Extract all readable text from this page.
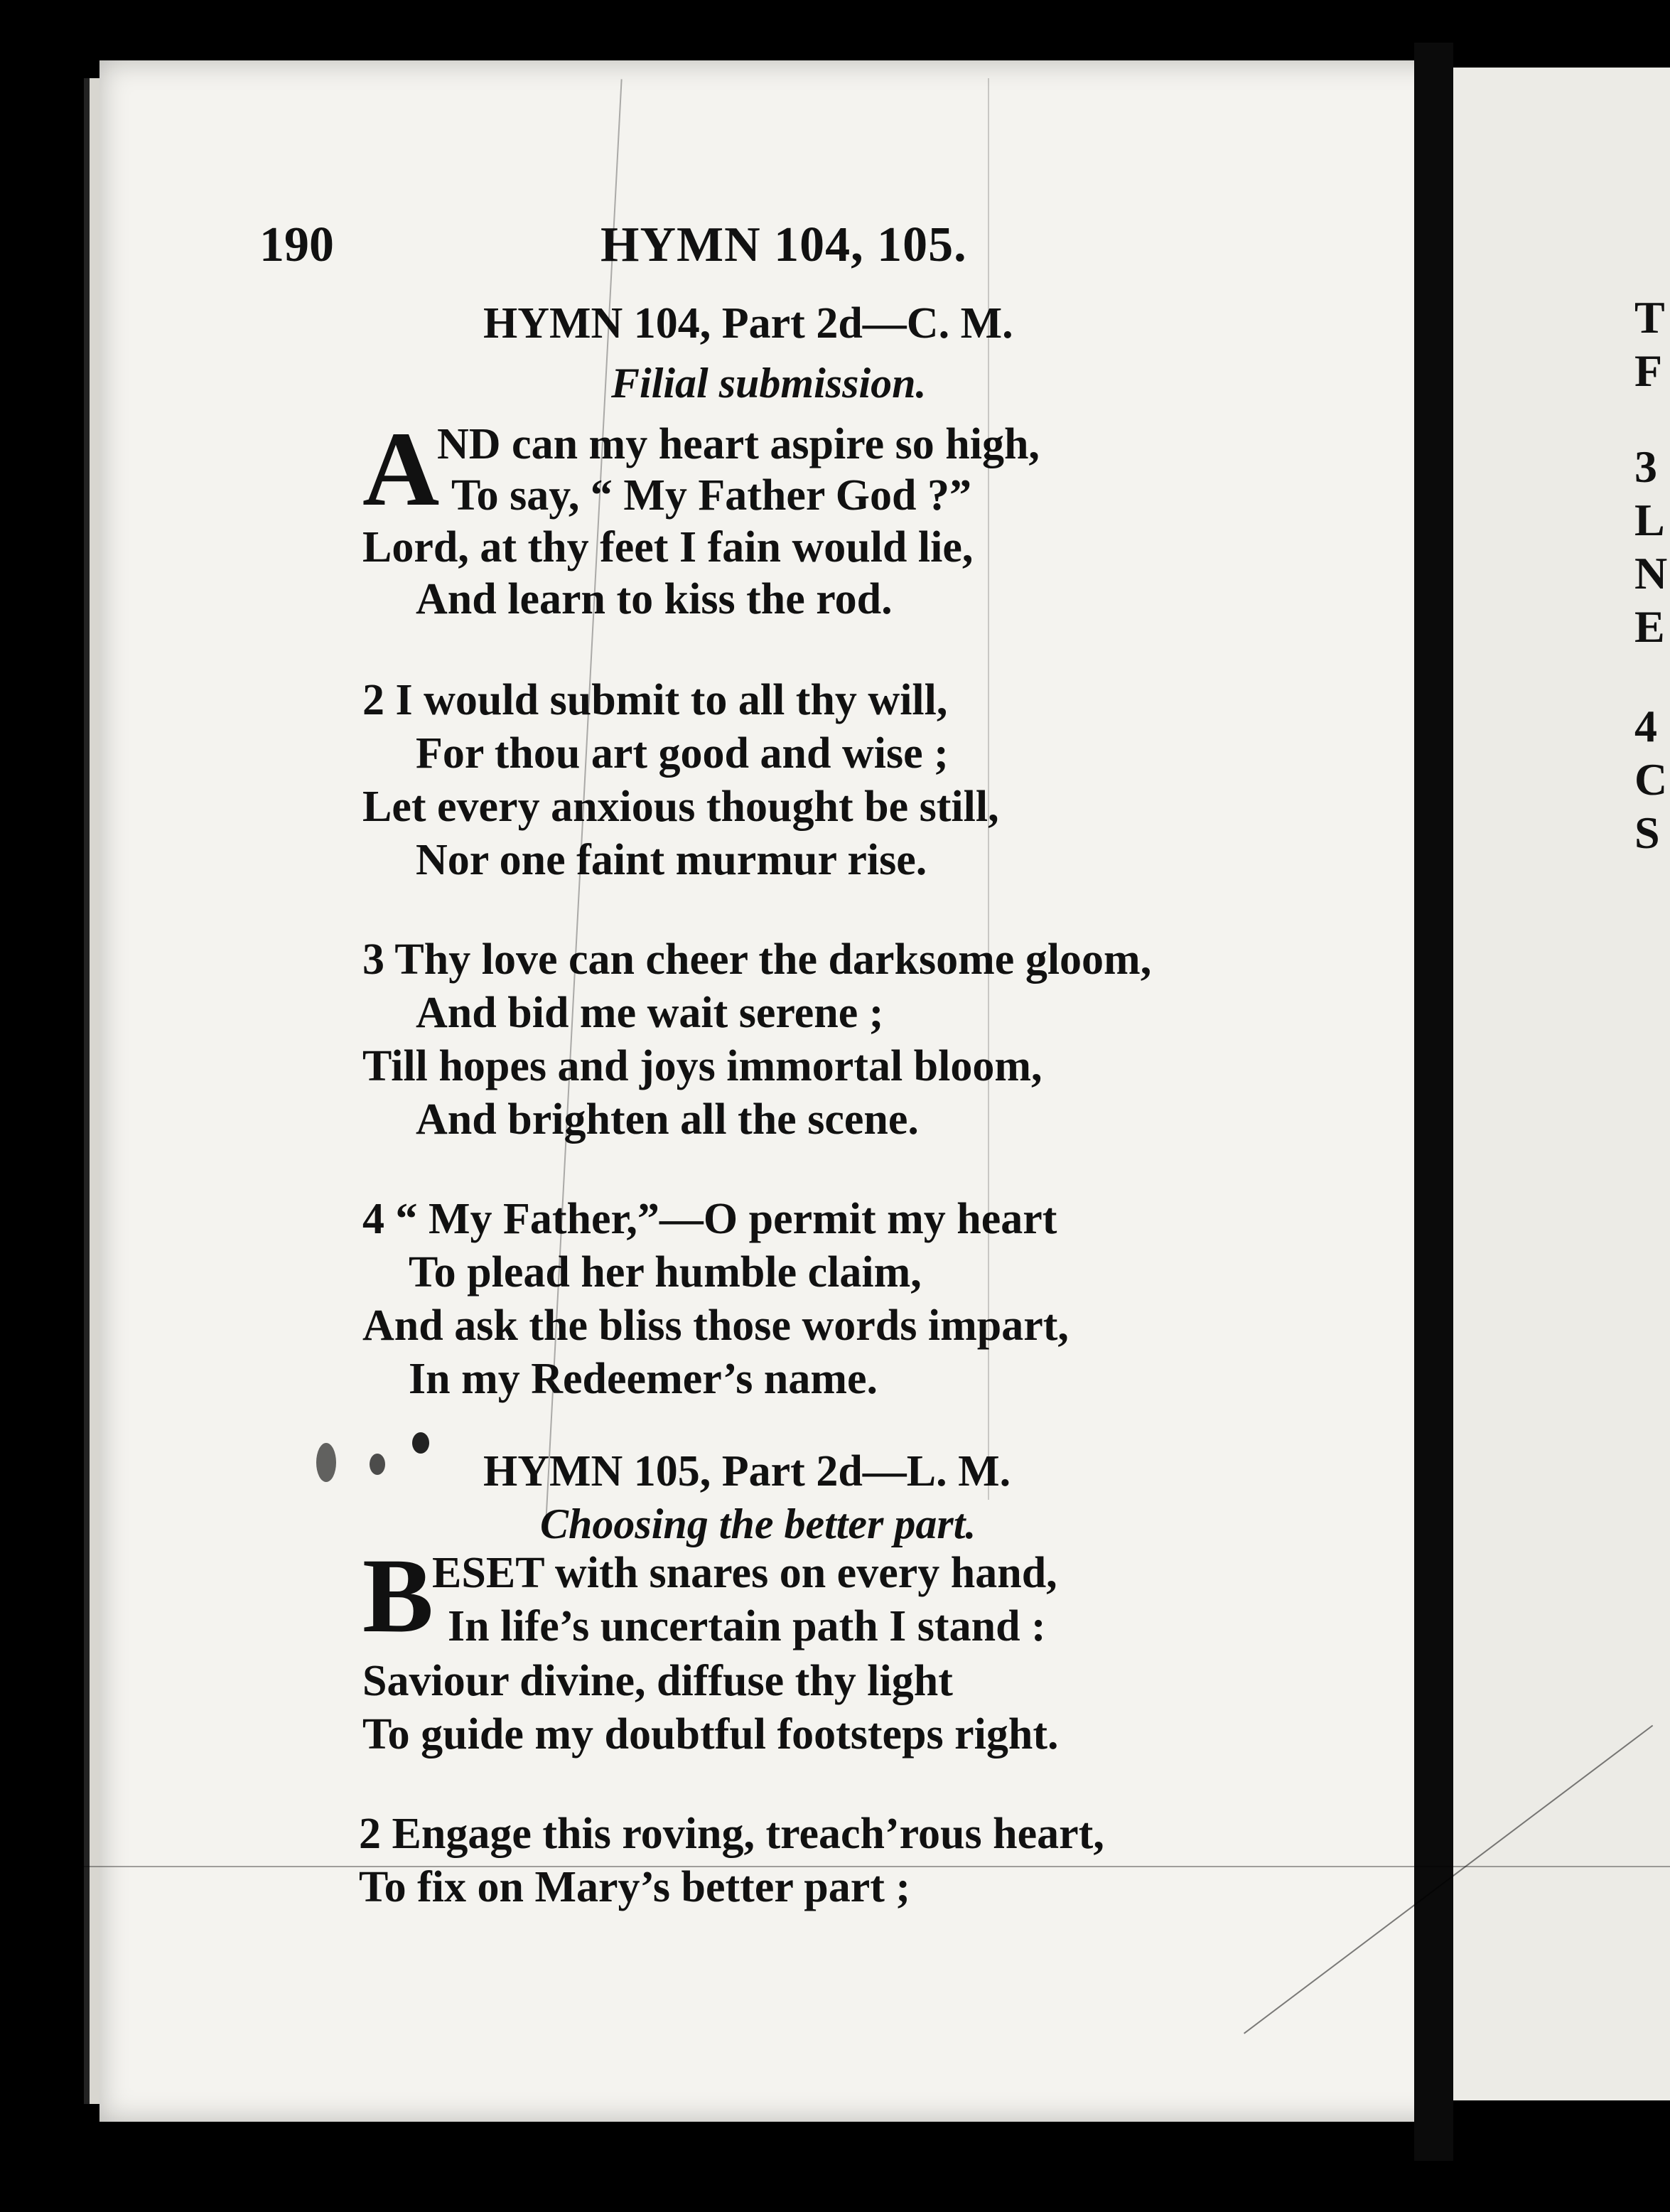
T
F
3
L
N
E
4
C
S
190	HYMN 104, 105.
HYMN 104, Part 2d—C. M.
Filial submission.
A
ND can my heart aspire so high,
To say, “ My Father God ?”
Lord, at thy feet I fain would lie,
And learn to kiss the rod.
2 I would submit to all thy will,
For thou art good and wise ;
Let every anxious thought be still,
Nor one faint murmur rise.
3 Thy love can cheer the darksome gloom,
And bid me wait serene ;
Till hopes and joys immortal bloom,
And brighten all the scene.
4 “ My Father,”—O permit my heart
To plead her humble claim,
And ask the bliss those words impart,
In my Redeemer’s name.
HYMN 105, Part 2d—L. M.
Choosing the better part.
B
ESET with snares on every hand,
In life’s uncertain path I stand :
Saviour divine, diffuse thy light
To guide my doubtful footsteps right.
2 Engage this roving, treach’rous heart,
To fix on Mary’s better part ;
